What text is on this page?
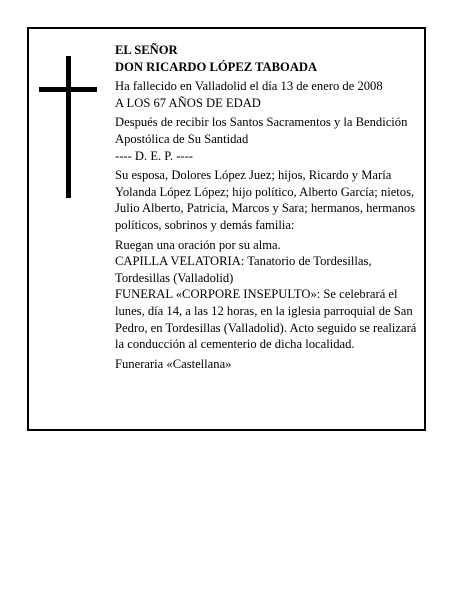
EL SEÑOR

DON RICARDO LÓPEZ TABOADA

Ha fallecido en Valladolid el día 13 de enero de 2008

A LOS 67 AÑOS DE EDAD

Después de recibir los Santos Sacramentos y la Bendición Apostólica de Su Santidad

---- D. E. P. ----

Su esposa, Dolores López Juez; hijos, Ricardo y María Yolanda López López; hijo político, Alberto García; nietos, Julio Alberto, Patricia, Marcos y Sara; hermanos, hermanos políticos, sobrinos y demás familia:

Ruegan una oración por su alma.

CAPILLA VELATORIA: Tanatorio de Tordesillas, Tordesillas (Valladolid)

FUNERAL «CORPORE INSEPULTO»: Se celebrará el lunes, día 14, a las 12 horas, en la iglesia parroquial de San Pedro, en Tordesillas (Valladolid). Acto seguido se realizará la conducción al cementerio de dicha localidad.

Funeraria «Castellana»
